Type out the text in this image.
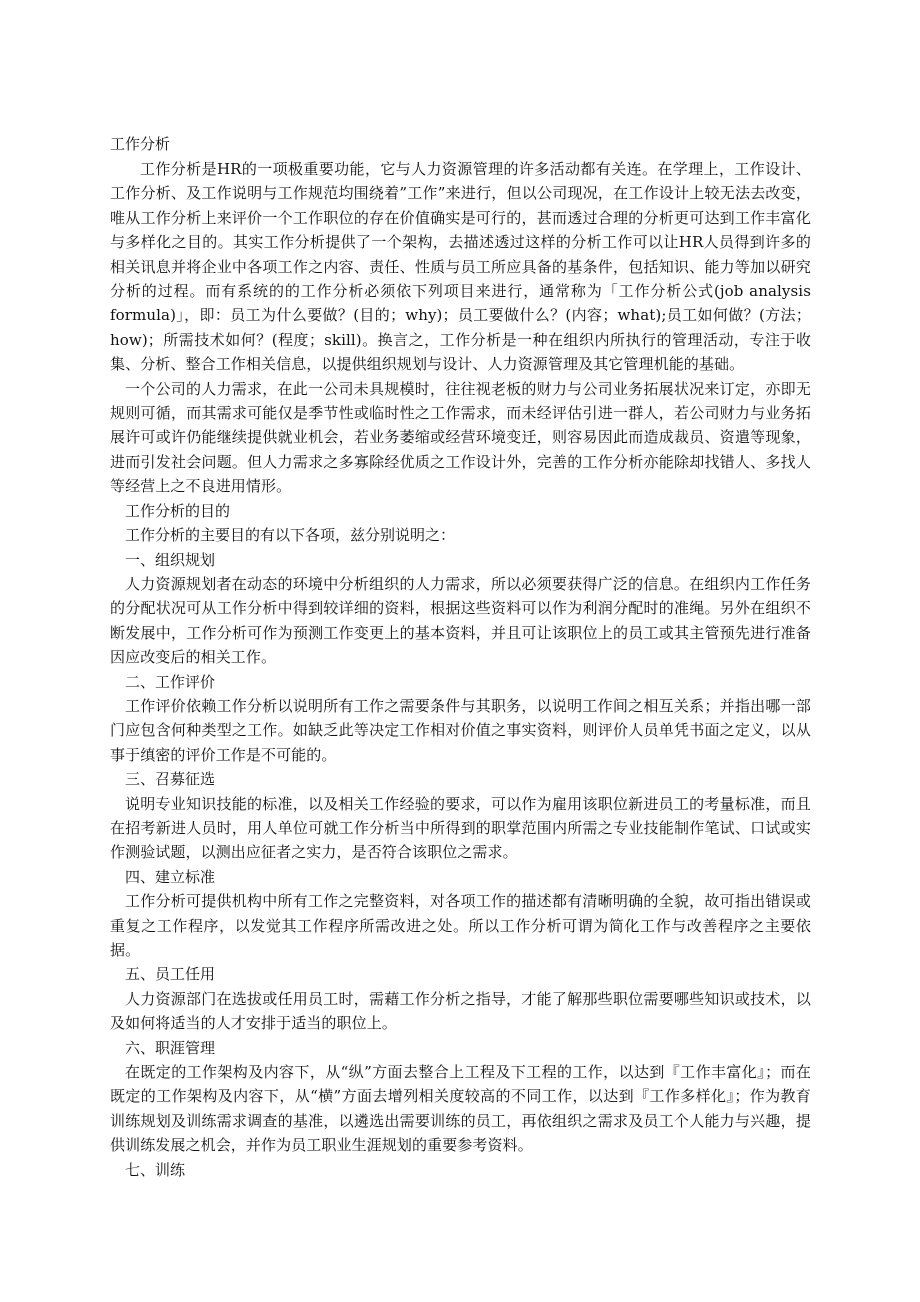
工作分析

工作分析是HR的一项极重要功能，它与人力资源管理的许多活动都有关连。在学理上，工作设计、工作分析、及工作说明与工作规范均围绕着”工作”来进行，但以公司现况，在工作设计上较无法去改变，唯从工作分析上来评价一个工作职位的存在价值确实是可行的，甚而透过合理的分析更可达到工作丰富化与多样化之目的。其实工作分析提供了一个架构，去描述透过这样的分析工作可以让HR人员得到许多的相关讯息并将企业中各项工作之内容、责任、性质与员工所应具备的基条件，包括知识、能力等加以研究分析的过程。而有系统的的工作分析必须依下列项目来进行，通常称为「工作分析公式(job analysis formula)」，即：员工为什么要做？(目的；why)；员工要做什么？(内容；what);员工如何做？(方法；how)；所需技术如何？(程度；skill)。换言之，工作分析是一种在组织内所执行的管理活动，专注于收集、分析、整合工作相关信息，以提供组织规划与设计、人力资源管理及其它管理机能的基础。

一个公司的人力需求，在此一公司未具规模时，往往视老板的财力与公司业务拓展状况来订定，亦即无规则可循，而其需求可能仅是季节性或临时性之工作需求，而未经评估引进一群人，若公司财力与业务拓展许可或许仍能继续提供就业机会，若业务萎缩或经营环境变迁，则容易因此而造成裁员、资遣等现象，进而引发社会问题。但人力需求之多寡除经优质之工作设计外，完善的工作分析亦能除却找错人、多找人等经营上之不良进用情形。

工作分析的目的

工作分析的主要目的有以下各项，兹分别说明之：

一、组织规划

人力资源规划者在动态的环境中分析组织的人力需求，所以必须要获得广泛的信息。在组织内工作任务的分配状况可从工作分析中得到较详细的资料，根据这些资料可以作为利润分配时的准绳。另外在组织不断发展中，工作分析可作为预测工作变更上的基本资料，并且可让该职位上的员工或其主管预先进行准备因应改变后的相关工作。

二、工作评价

工作评价依赖工作分析以说明所有工作之需要条件与其职务，以说明工作间之相互关系；并指出哪一部门应包含何种类型之工作。如缺乏此等决定工作相对价值之事实资料，则评价人员单凭书面之定义，以从事于缜密的评价工作是不可能的。

三、召募征选

说明专业知识技能的标准，以及相关工作经验的要求，可以作为雇用该职位新进员工的考量标准，而且在招考新进人员时，用人单位可就工作分析当中所得到的职掌范围内所需之专业技能制作笔试、口试或实作测验试题，以测出应征者之实力，是否符合该职位之需求。

四、建立标准

工作分析可提供机构中所有工作之完整资料，对各项工作的描述都有清晰明确的全貌，故可指出错误或重复之工作程序，以发觉其工作程序所需改进之处。所以工作分析可谓为简化工作与改善程序之主要依据。

五、员工任用

人力资源部门在选拔或任用员工时，需藉工作分析之指导，才能了解那些职位需要哪些知识或技术，以及如何将适当的人才安排于适当的职位上。

六、职涯管理

在既定的工作架构及内容下，从“纵”方面去整合上工程及下工程的工作，以达到『工作丰富化』；而在既定的工作架构及内容下，从“横”方面去增列相关度较高的不同工作，以达到『工作多样化』；作为教育训练规划及训练需求调查的基准，以遴选出需要训练的员工，再依组织之需求及员工个人能力与兴趣，提供训练发展之机会，并作为员工职业生涯规划的重要参考资料。

七、训练
